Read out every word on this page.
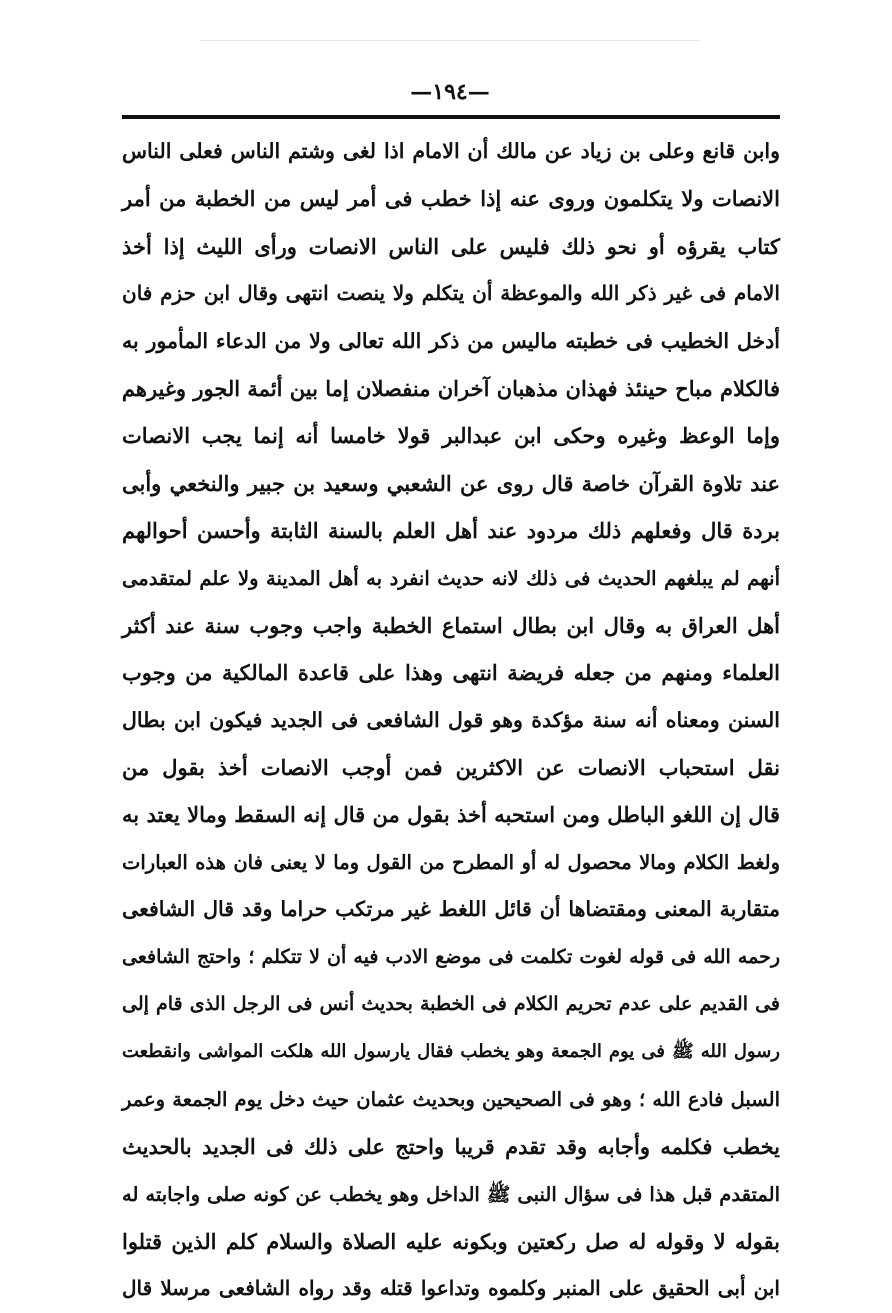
—١٩٤—
وابن قانع وعلى بن زياد عن مالك أن الامام اذا لغى وشتم الناس فعلى الناس
الانصات ولا يتكلمون وروى عنه إذا خطب فى أمر ليس من الخطبة من أمر
كتاب يقرؤه أو نحو ذلك فليس على الناس الانصات ورأى الليث إذا أخذ
الامام فى غير ذكر الله والموعظة أن يتكلم ولا ينصت انتهى وقال ابن حزم فان
أدخل الخطيب فى خطبته ماليس من ذكر الله تعالى ولا من الدعاء المأمور به
فالكلام مباح حينئذ فهذان مذهبان آخران منفصلان إما بين أئمة الجور وغيرهم
وإما الوعظ وغيره وحكى ابن عبدالبر قولا خامسا أنه إنما يجب الانصات
عند تلاوة القرآن خاصة قال روى عن الشعبي وسعيد بن جبير والنخعي وأبى
بردة قال وفعلهم ذلك مردود عند أهل العلم بالسنة الثابتة وأحسن أحوالهم
أنهم لم يبلغهم الحديث فى ذلك لانه حديث انفرد به أهل المدينة ولا علم لمتقدمى
أهل العراق به وقال ابن بطال استماع الخطبة واجب وجوب سنة عند أكثر
العلماء ومنهم من جعله فريضة انتهى وهذا على قاعدة المالكية من وجوب
السنن ومعناه أنه سنة مؤكدة وهو قول الشافعى فى الجديد فيكون ابن بطال
نقل استحباب الانصات عن الاكثرين فمن أوجب الانصات أخذ بقول من
قال إن اللغو الباطل ومن استحبه أخذ بقول من قال إنه السقط ومالا يعتد به
ولغط الكلام ومالا محصول له أو المطرح من القول وما لا يعنى فان هذه العبارات
متقاربة المعنى ومقتضاها أن قائل اللغط غير مرتكب حراما وقد قال الشافعى
رحمه الله فى قوله لغوت تكلمت فى موضع الادب فيه أن لا تتكلم ؛ واحتج الشافعى
فى القديم على عدم تحريم الكلام فى الخطبة بحديث أنس فى الرجل الذى قام إلى
رسول الله ﷺ فى يوم الجمعة وهو يخطب فقال يارسول الله هلكت المواشى وانقطعت
السبل فادع الله ؛ وهو فى الصحيحين وبحديث عثمان حيث دخل يوم الجمعة وعمر
يخطب فكلمه وأجابه وقد تقدم قريبا واحتج على ذلك فى الجديد بالحديث
المتقدم قبل هذا فى سؤال النبى ﷺ الداخل وهو يخطب عن كونه صلى واجابته له
بقوله لا وقوله له صل ركعتين وبكونه عليه الصلاة والسلام كلم الذين قتلوا
ابن أبى الحقيق على المنبر وكلموه وتداعوا قتله وقد رواه الشافعى مرسلا قال
